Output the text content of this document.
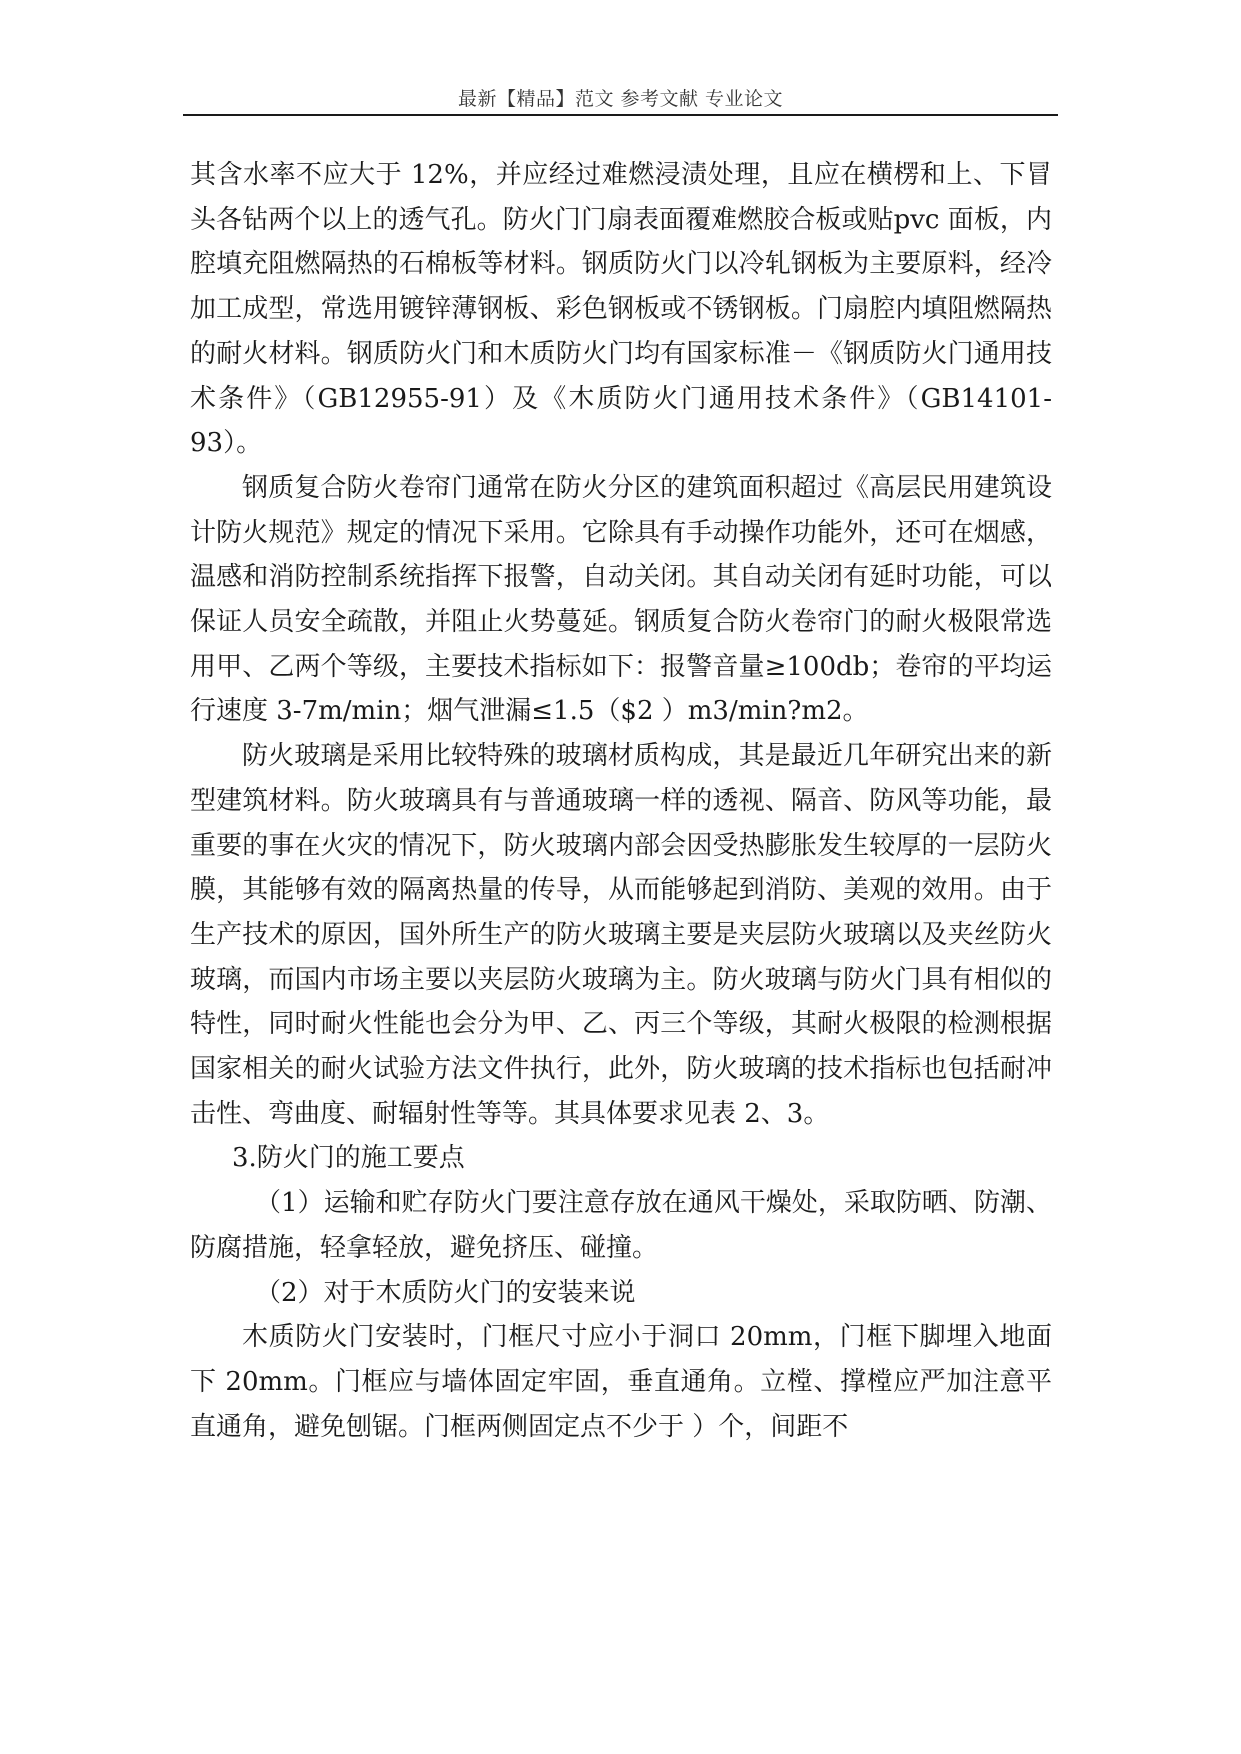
最新【精品】范文 参考文献 专业论文

其含水率不应大于 12%，并应经过难燃浸渍处理，且应在横楞和上、下冒头各钻两个以上的透气孔。防火门门扇表面覆难燃胶合板或贴pvc 面板，内腔填充阻燃隔热的石棉板等材料。钢质防火门以冷轧钢板为主要原料，经冷加工成型，常选用镀锌薄钢板、彩色钢板或不锈钢板。门扇腔内填阻燃隔热的耐火材料。钢质防火门和木质防火门均有国家标准－《钢质防火门通用技术条件》（GB12955-91）及《木质防火门通用技术条件》（GB14101-93）。

钢质复合防火卷帘门通常在防火分区的建筑面积超过《高层民用建筑设计防火规范》规定的情况下采用。它除具有手动操作功能外，还可在烟感，温感和消防控制系统指挥下报警，自动关闭。其自动关闭有延时功能，可以保证人员安全疏散，并阻止火势蔓延。钢质复合防火卷帘门的耐火极限常选用甲、乙两个等级，主要技术指标如下：报警音量≥100db；卷帘的平均运行速度 3-7m/min；烟气泄漏≤1.5（$2 ）m3/min?m2。

防火玻璃是采用比较特殊的玻璃材质构成，其是最近几年研究出来的新型建筑材料。防火玻璃具有与普通玻璃一样的透视、隔音、防风等功能，最重要的事在火灾的情况下，防火玻璃内部会因受热膨胀发生较厚的一层防火膜，其能够有效的隔离热量的传导，从而能够起到消防、美观的效用。由于生产技术的原因，国外所生产的防火玻璃主要是夹层防火玻璃以及夹丝防火玻璃，而国内市场主要以夹层防火玻璃为主。防火玻璃与防火门具有相似的特性，同时耐火性能也会分为甲、乙、丙三个等级，其耐火极限的检测根据国家相关的耐火试验方法文件执行，此外，防火玻璃的技术指标也包括耐冲击性、弯曲度、耐辐射性等等。其具体要求见表 2、3。

3.防火门的施工要点

（1）运输和贮存防火门要注意存放在通风干燥处，采取防晒、防潮、防腐措施，轻拿轻放，避免挤压、碰撞。

（2）对于木质防火门的安装来说

木质防火门安装时，门框尺寸应小于洞口 20mm，门框下脚埋入地面下 20mm。门框应与墙体固定牢固，垂直通角。立樘、撑樘应严加注意平直通角，避免刨锯。门框两侧固定点不少于 ）个，间距不
